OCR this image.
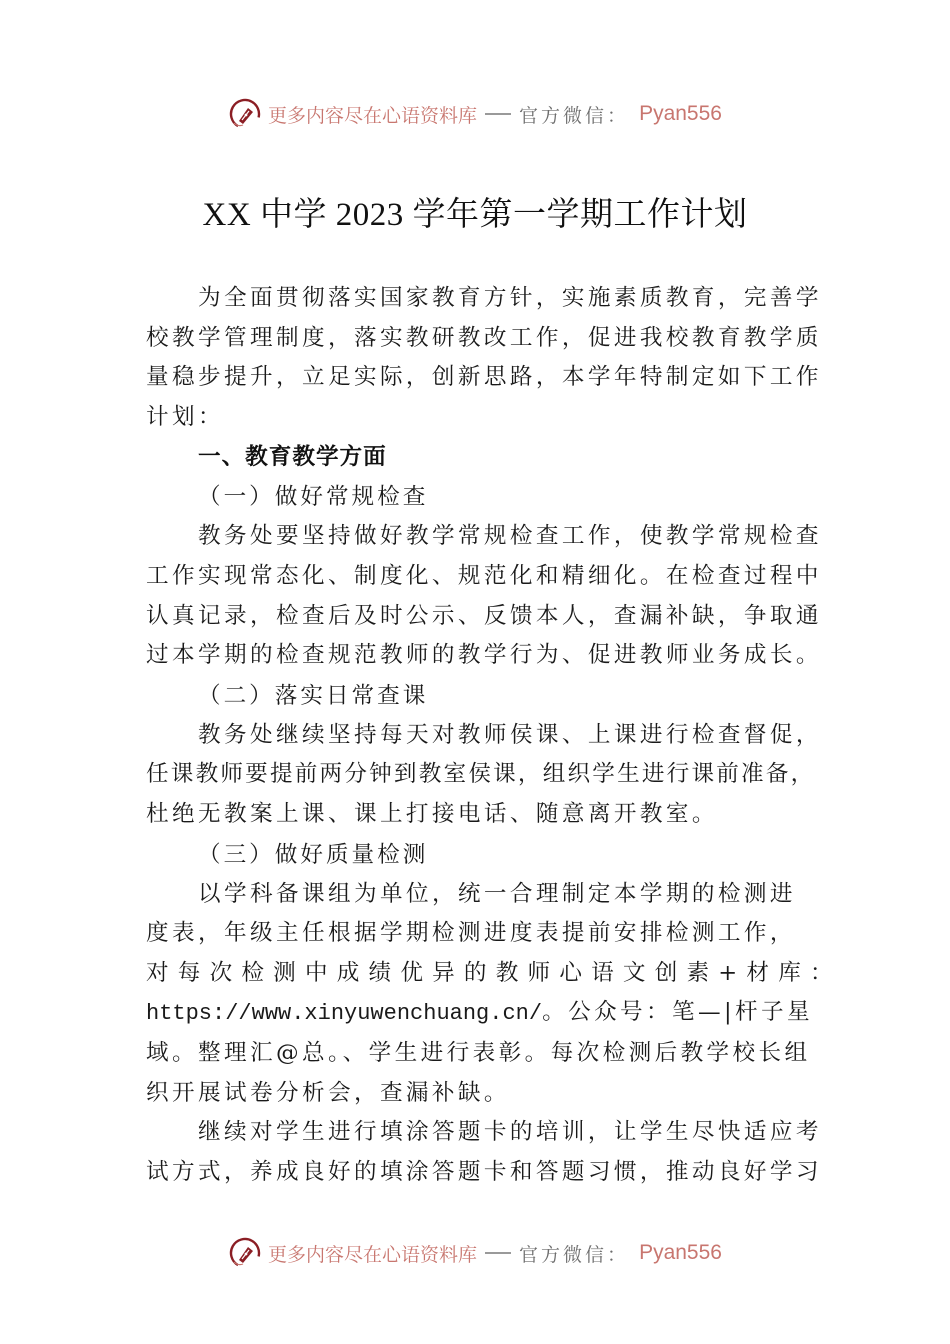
更多内容尽在心语资料库 官方微信： Pyan556
XX 中学 2023 学年第一学期工作计划
为全面贯彻落实国家教育方针，实施素质教育，完善学
校教学管理制度，落实教研教改工作，促进我校教育教学质
量稳步提升，立足实际，创新思路，本学年特制定如下工作
计划：
一、教育教学方面
（一）做好常规检查
教务处要坚持做好教学常规检查工作，使教学常规检查
工作实现常态化、制度化、规范化和精细化。在检查过程中
认真记录，检查后及时公示、反馈本人，查漏补缺，争取通
过本学期的检查规范教师的教学行为、促进教师业务成长。
（二）落实日常查课
教务处继续坚持每天对教师侯课、上课进行检查督促，
任课教师要提前两分钟到教室侯课，组织学生进行课前准备，
杜绝无教案上课、课上打接电话、随意离开教室。
（三）做好质量检测
以学科备课组为单位，统一合理制定本学期的检测进
度表，年级主任根据学期检测进度表提前安排检测工作，
对每次检测中成绩优异的教师心语文创素+材库：
https://www.xinyuwenchuang.cn/。公众号：笔—|杆子星
域。整理汇@总。、学生进行表彰。每次检测后教学校长组
织开展试卷分析会，查漏补缺。
继续对学生进行填涂答题卡的培训，让学生尽快适应考
试方式，养成良好的填涂答题卡和答题习惯，推动良好学习
更多内容尽在心语资料库 官方微信： Pyan556
